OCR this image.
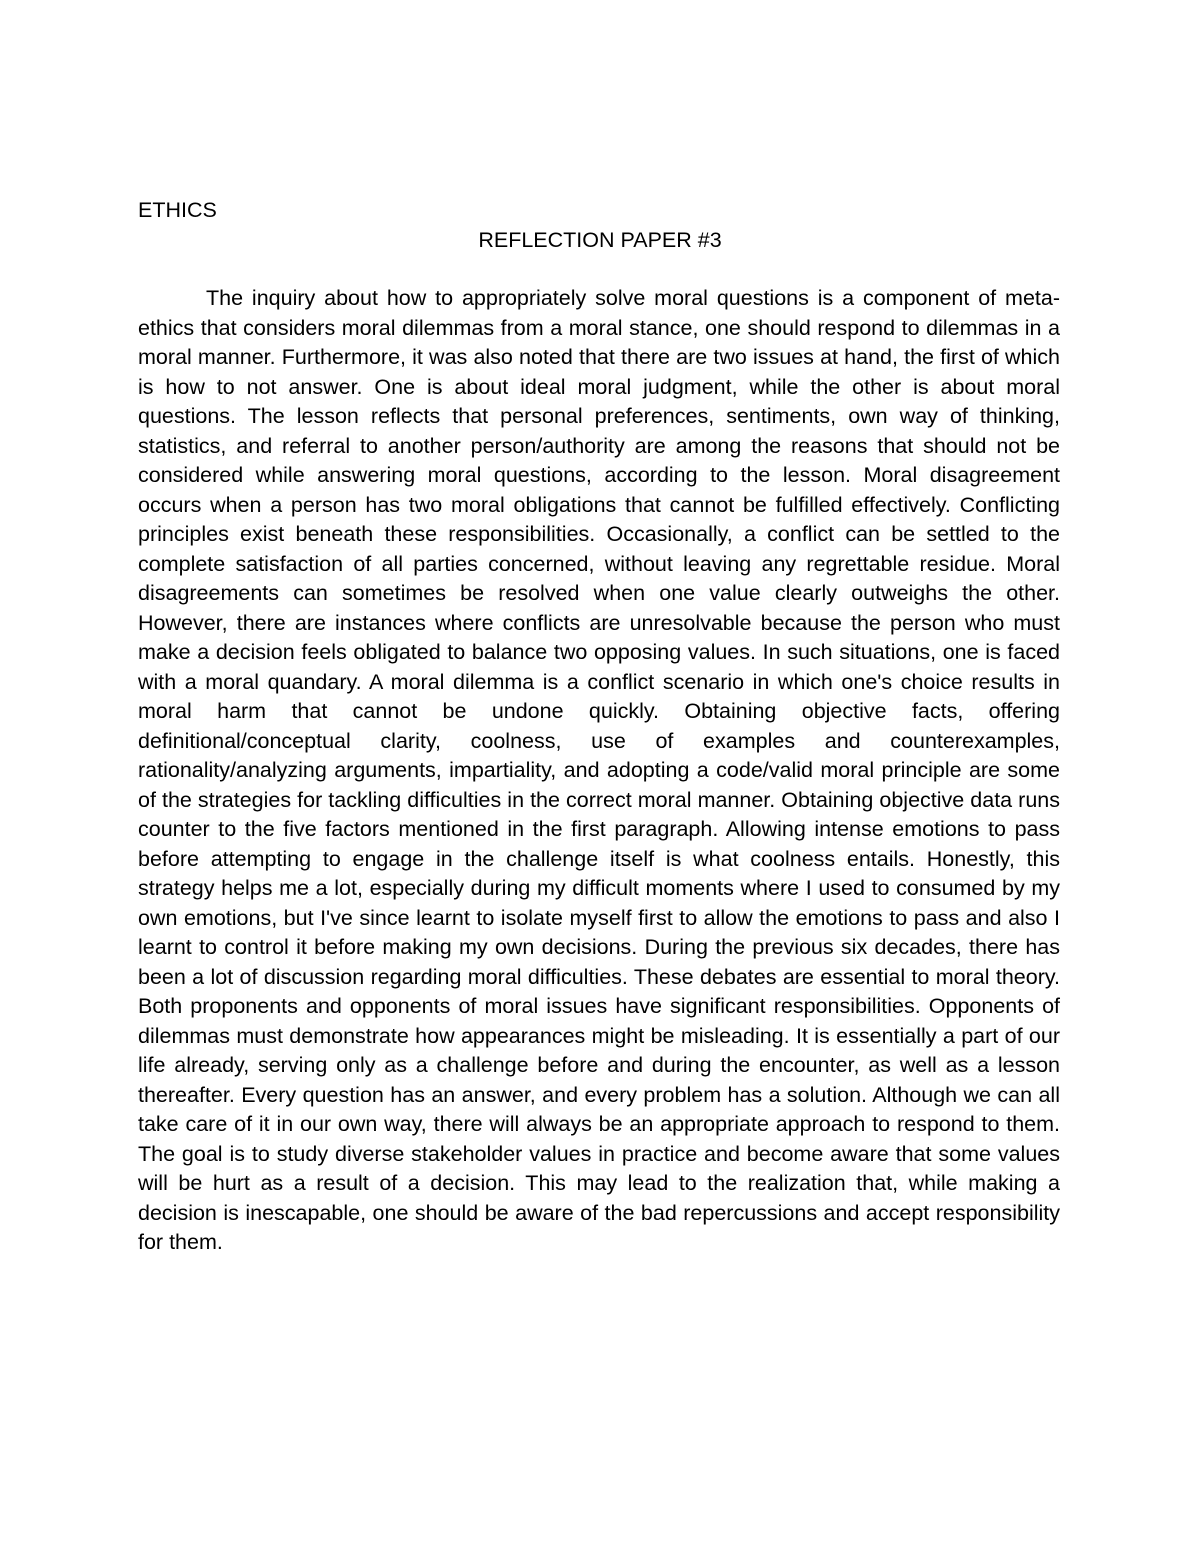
ETHICS

REFLECTION PAPER #3

The inquiry about how to appropriately solve moral questions is a component of meta-ethics that considers moral dilemmas from a moral stance, one should respond to dilemmas in a moral manner. Furthermore, it was also noted that there are two issues at hand, the first of which is how to not answer. One is about ideal moral judgment, while the other is about moral questions. The lesson reflects that personal preferences, sentiments, own way of thinking, statistics, and referral to another person/authority are among the reasons that should not be considered while answering moral questions, according to the lesson. Moral disagreement occurs when a person has two moral obligations that cannot be fulfilled effectively. Conflicting principles exist beneath these responsibilities. Occasionally, a conflict can be settled to the complete satisfaction of all parties concerned, without leaving any regrettable residue. Moral disagreements can sometimes be resolved when one value clearly outweighs the other. However, there are instances where conflicts are unresolvable because the person who must make a decision feels obligated to balance two opposing values. In such situations, one is faced with a moral quandary. A moral dilemma is a conflict scenario in which one's choice results in moral harm that cannot be undone quickly. Obtaining objective facts, offering definitional/conceptual clarity, coolness, use of examples and counterexamples, rationality/analyzing arguments, impartiality, and adopting a code/valid moral principle are some of the strategies for tackling difficulties in the correct moral manner. Obtaining objective data runs counter to the five factors mentioned in the first paragraph. Allowing intense emotions to pass before attempting to engage in the challenge itself is what coolness entails. Honestly, this strategy helps me a lot, especially during my difficult moments where I used to consumed by my own emotions, but I've since learnt to isolate myself first to allow the emotions to pass and also I learnt to control it before making my own decisions. During the previous six decades, there has been a lot of discussion regarding moral difficulties. These debates are essential to moral theory. Both proponents and opponents of moral issues have significant responsibilities. Opponents of dilemmas must demonstrate how appearances might be misleading. It is essentially a part of our life already, serving only as a challenge before and during the encounter, as well as a lesson thereafter. Every question has an answer, and every problem has a solution. Although we can all take care of it in our own way, there will always be an appropriate approach to respond to them. The goal is to study diverse stakeholder values in practice and become aware that some values will be hurt as a result of a decision. This may lead to the realization that, while making a decision is inescapable, one should be aware of the bad repercussions and accept responsibility for them.
